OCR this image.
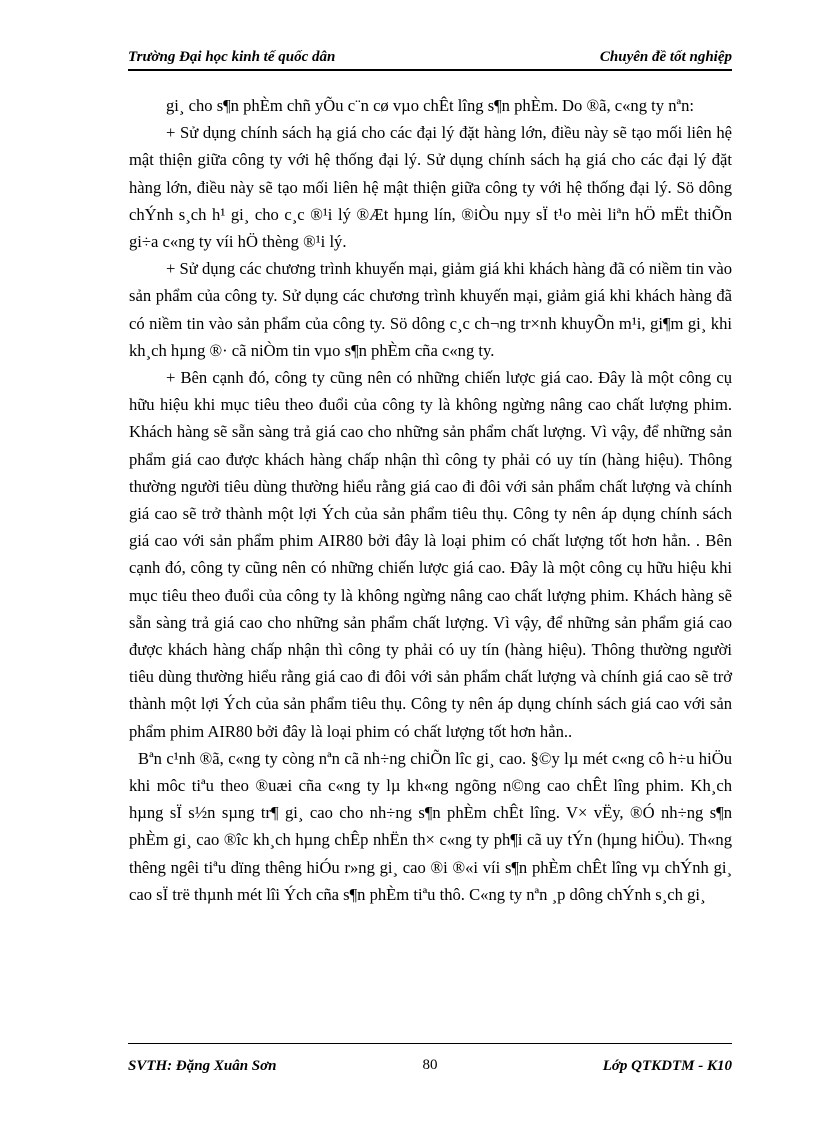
Trường Đại học kinh tế quốc dân	Chuyên đề tốt nghiệp

gi¸ cho s¶n phÈm chñ yÕu c¨n cø vµo chÊt lîng s¶n phÈm. Do ®ã, c«ng ty nªn:

+ Sử dụng chính sách hạ giá cho các đại lý đặt hàng lớn, điều này sẽ tạo mối liên hệ mật thiện giữa công ty với hệ thống đại lý. Sử dụng chính sách hạ giá cho các đại lý đặt hàng lớn, điều này sẽ tạo mối liên hệ mật thiện giữa công ty với hệ thống đại lý. Sö dông chÝnh s¸ch h¹ gi¸ cho c¸c ®¹i lý ®Æt hµng lín, ®iÒu nµy sÏ t¹o mèi liªn hÖ mËt thiÕn gi÷a c«ng ty víi hÖ thèng ®¹i lý.

+ Sử dụng các chương trình khuyến mại, giảm giá khi khách hàng đã có niềm tin vào sản phẩm của công ty. Sử dụng các chương trình khuyến mại, giảm giá khi khách hàng đã có niềm tin vào sản phẩm của công ty. Sö dông c¸c ch¬ng tr×nh khuyÕn m¹i, gi¶m gi¸ khi kh¸ch hµng ®· cã niÒm tin vµo s¶n phÈm cña c«ng ty.

+ Bên cạnh đó, công ty cũng nên có những chiến lược giá cao. Đây là một công cụ hữu hiệu khi mục tiêu theo đuổi của công ty là không ngừng nâng cao chất lượng phim. Khách hàng sẽ sẵn sàng trả giá cao cho những sản phẩm chất lượng. Vì vậy, để những sản phẩm giá cao được khách hàng chấp nhận thì công ty phải có uy tín (hàng hiệu). Thông thường người tiêu dùng thường hiểu rằng giá cao đi đôi với sản phẩm chất lượng và chính giá cao sẽ trở thành một lợi Ých của sản phẩm tiêu thụ. Công ty nên áp dụng chính sách giá cao với sản phẩm phim AIR80 bởi đây là loại phim có chất lượng tốt hơn hẳn. . Bên cạnh đó, công ty cũng nên có những chiến lược giá cao. Đây là một công cụ hữu hiệu khi mục tiêu theo đuổi của công ty là không ngừng nâng cao chất lượng phim. Khách hàng sẽ sẵn sàng trả giá cao cho những sản phẩm chất lượng. Vì vậy, để những sản phẩm giá cao được khách hàng chấp nhận thì công ty phải có uy tín (hàng hiệu). Thông thường người tiêu dùng thường hiểu rằng giá cao đi đôi với sản phẩm chất lượng và chính giá cao sẽ trở thành một lợi Ých của sản phẩm tiêu thụ. Công ty nên áp dụng chính sách giá cao với sản phẩm phim AIR80 bởi đây là loại phim có chất lượng tốt hơn hẳn..

Bªn c¹nh ®ã, c«ng ty còng nªn cã nh÷ng chiÕn lîc gi¸ cao. §©y lµ mét c«ng cô h÷u hiÖu khi môc tiªu theo ®uæi cña c«ng ty lµ kh«ng ngõng n©ng cao chÊt lîng phim. Kh¸ch hµng sÏ s½n sµng tr¶ gi¸ cao cho nh÷ng s¶n phÈm chÊt lîng. V× vËy, ®Ó nh÷ng s¶n phÈm gi¸ cao ®îc kh¸ch hµng chÊp nhËn th× c«ng ty ph¶i cã uy tÝn (hµng hiÖu). Th«ng thêng ngêi tiªu dïng thêng hiÓu r»ng gi¸ cao ®i ®«i víi s¶n phÈm chÊt lîng vµ chÝnh gi¸ cao sÏ trë thµnh mét lîi Ých cña s¶n phÈm tiªu thô. C«ng ty nªn ¸p dông chÝnh s¸ch gi¸

SVTH: Đặng Xuân Sơn	80	Lớp QTKDTM - K10
